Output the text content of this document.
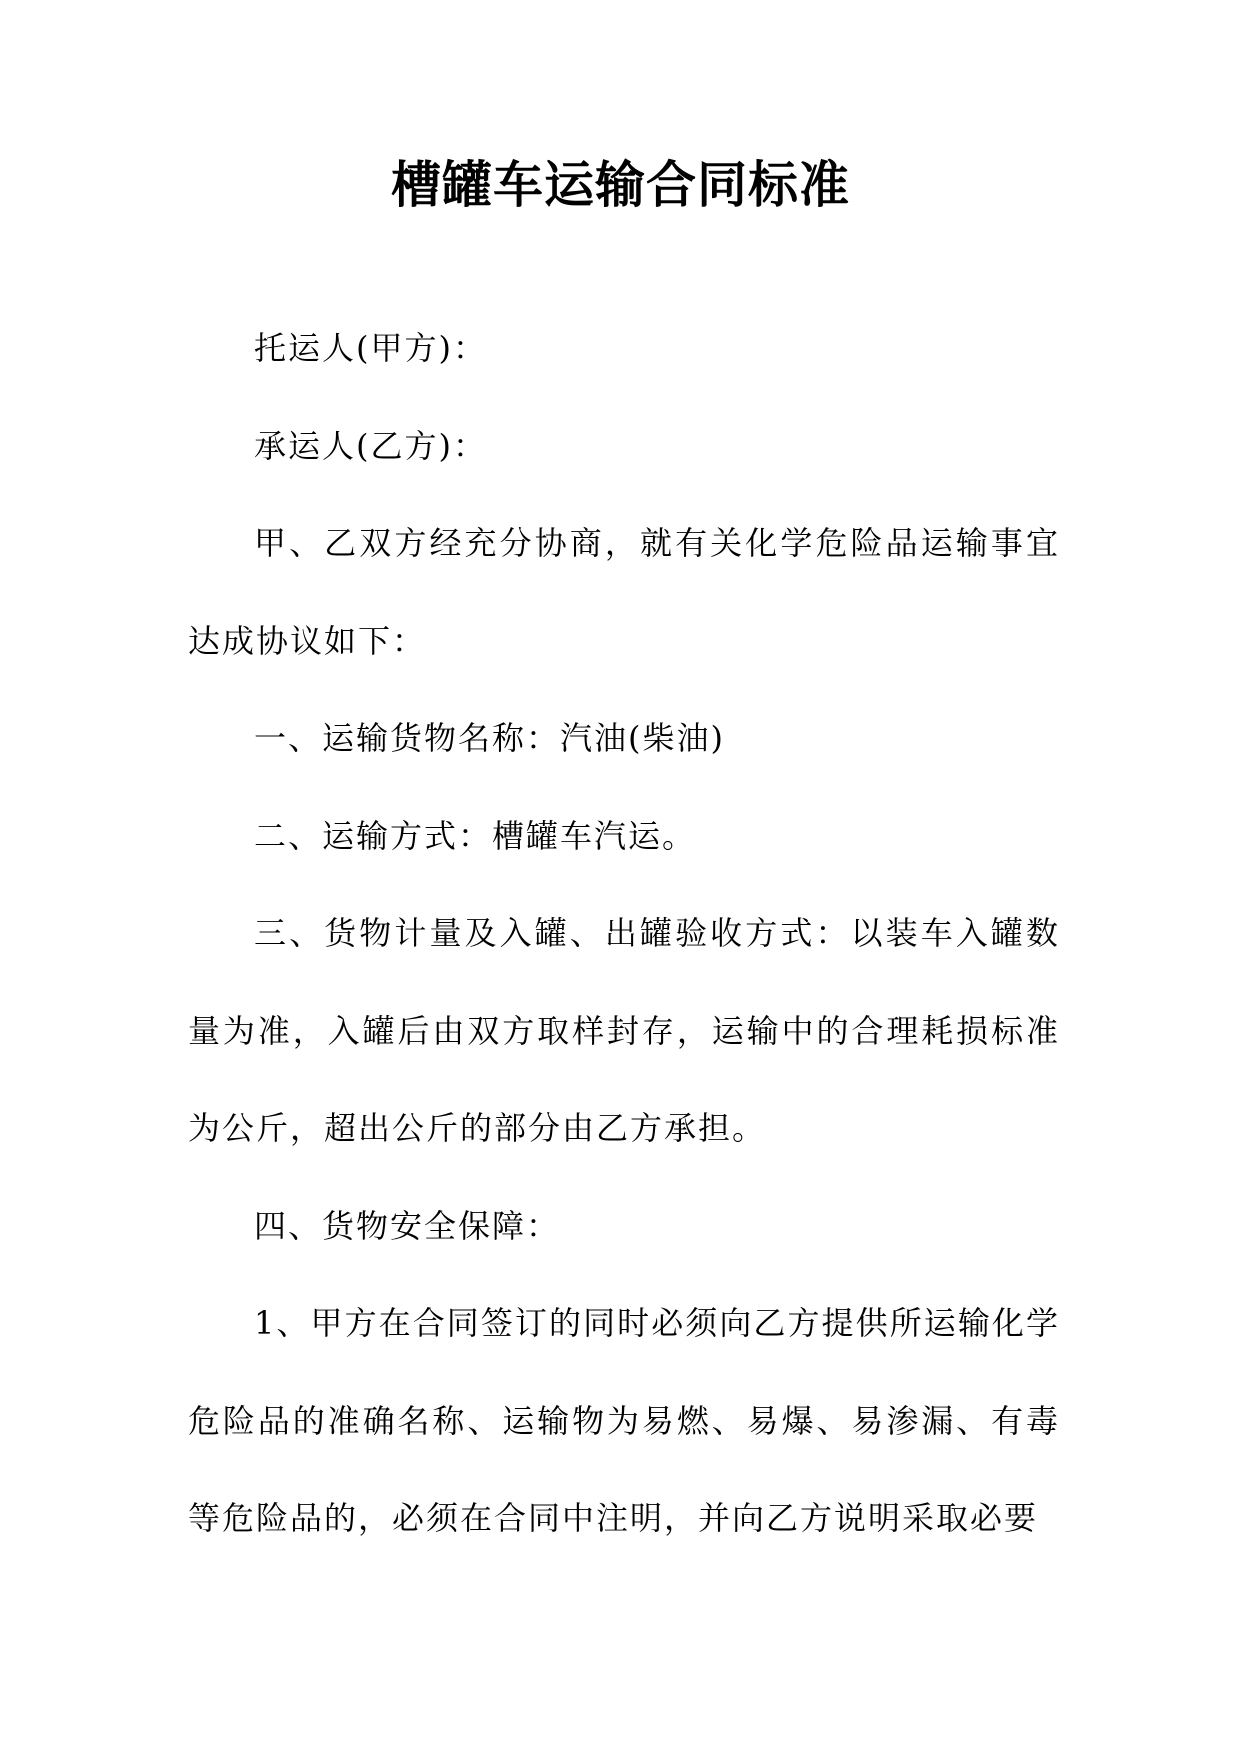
槽罐车运输合同标准

托运人(甲方)：

承运人(乙方)：

甲、乙双方经充分协商，就有关化学危险品运输事宜达成协议如下：

一、运输货物名称：汽油(柴油)

二、运输方式：槽罐车汽运。

三、货物计量及入罐、出罐验收方式：以装车入罐数量为准，入罐后由双方取样封存，运输中的合理耗损标准为公斤，超出公斤的部分由乙方承担。

四、货物安全保障：

1、甲方在合同签订的同时必须向乙方提供所运输化学危险品的准确名称、运输物为易燃、易爆、易渗漏、有毒等危险品的，必须在合同中注明，并向乙方说明采取必要
